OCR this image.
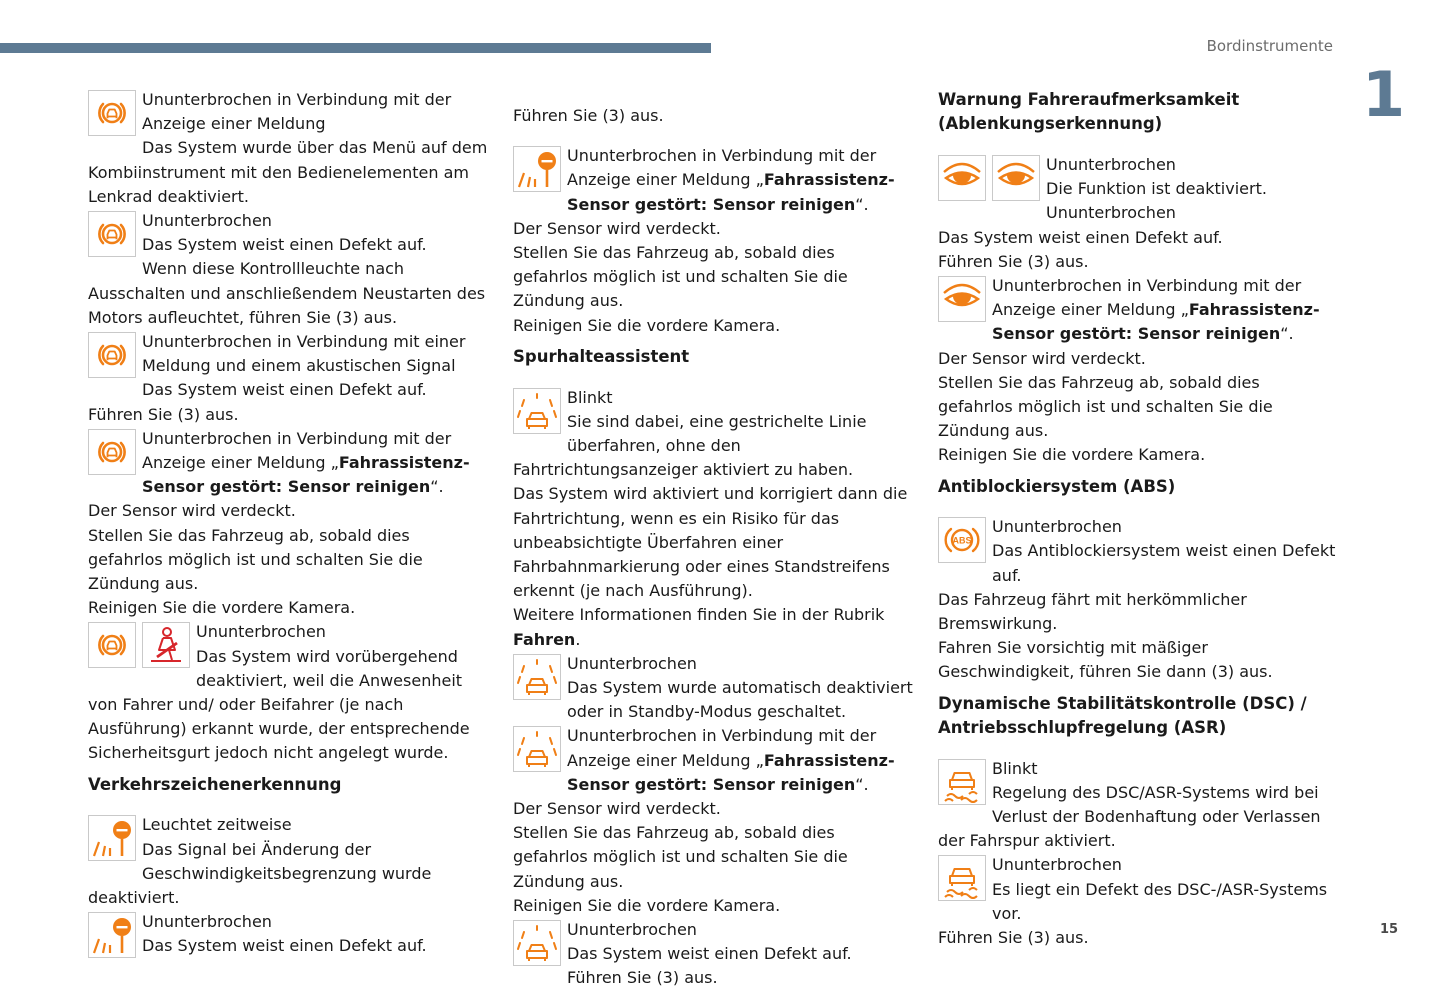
Bordinstrumente
1
15

Ununterbrochen in Verbindung mit der

Anzeige einer Meldung

Das System wurde über das Menü auf dem Kombiinstrument mit den Bedienelementen am Lenkrad deaktiviert.

Ununterbrochen

Das System weist einen Defekt auf.

Wenn diese Kontrollleuchte nach Ausschalten und anschließendem Neustarten des Motors aufleuchtet, führen Sie (3) aus.

Ununterbrochen in Verbindung mit einer

Meldung und einem akustischen Signal

Das System weist einen Defekt auf.

Führen Sie (3) aus.

Ununterbrochen in Verbindung mit der

Anzeige einer Meldung „Fahrassistenz-

Sensor gestört: Sensor reinigen“.

Der Sensor wird verdeckt.

Stellen Sie das Fahrzeug ab, sobald dies gefahrlos möglich ist und schalten Sie die Zündung aus.

Reinigen Sie die vordere Kamera.

Ununterbrochen

Das System wird vorübergehend

deaktiviert, weil die Anwesenheit von Fahrer und/ oder Beifahrer (je nach Ausführung) erkannt wurde, der entsprechende Sicherheitsgurt jedoch nicht angelegt wurde.

Verkehrszeichenerkennung

Leuchtet zeitweise

Das Signal bei Änderung der

Geschwindigkeitsbegrenzung wurde deaktiviert.

Ununterbrochen

Das System weist einen Defekt auf.

Führen Sie (3) aus.

Ununterbrochen in Verbindung mit der

Anzeige einer Meldung „Fahrassistenz-

Sensor gestört: Sensor reinigen“.

Der Sensor wird verdeckt.

Stellen Sie das Fahrzeug ab, sobald dies gefahrlos möglich ist und schalten Sie die Zündung aus.

Reinigen Sie die vordere Kamera.

Spurhalteassistent

Blinkt

Sie sind dabei, eine gestrichelte Linie

überfahren, ohne den Fahrtrichtungsanzeiger aktiviert zu haben.

Das System wird aktiviert und korrigiert dann die Fahrtrichtung, wenn es ein Risiko für das unbeabsichtigte Überfahren einer Fahrbahnmarkierung oder eines Standstreifens erkennt (je nach Ausführung).

Weitere Informationen finden Sie in der Rubrik Fahren.

Ununterbrochen

Das System wurde automatisch deaktiviert

oder in Standby-Modus geschaltet.

Ununterbrochen in Verbindung mit der

Anzeige einer Meldung „Fahrassistenz-

Sensor gestört: Sensor reinigen“.

Der Sensor wird verdeckt.

Stellen Sie das Fahrzeug ab, sobald dies gefahrlos möglich ist und schalten Sie die Zündung aus.

Reinigen Sie die vordere Kamera.

Ununterbrochen

Das System weist einen Defekt auf.

Führen Sie (3) aus.

Warnung Fahreraufmerksamkeit (Ablenkungserkennung)

Ununterbrochen

Die Funktion ist deaktiviert.

Ununterbrochen

Das System weist einen Defekt auf.

Führen Sie (3) aus.

Ununterbrochen in Verbindung mit der

Anzeige einer Meldung „Fahrassistenz-

Sensor gestört: Sensor reinigen“.

Der Sensor wird verdeckt.

Stellen Sie das Fahrzeug ab, sobald dies gefahrlos möglich ist und schalten Sie die Zündung aus.

Reinigen Sie die vordere Kamera.

Antiblockiersystem (ABS)

ABS

Ununterbrochen

Das Antiblockiersystem weist einen Defekt

auf.

Das Fahrzeug fährt mit herkömmlicher Bremswirkung.

Fahren Sie vorsichtig mit mäßiger Geschwindigkeit, führen Sie dann (3) aus.

Dynamische Stabilitätskontrolle (DSC) / Antriebsschlupfregelung (ASR)

Blinkt

Regelung des DSC/ASR-Systems wird bei

Verlust der Bodenhaftung oder Verlassen der Fahrspur aktiviert.

Ununterbrochen

Es liegt ein Defekt des DSC-/ASR-Systems

vor.

Führen Sie (3) aus.
